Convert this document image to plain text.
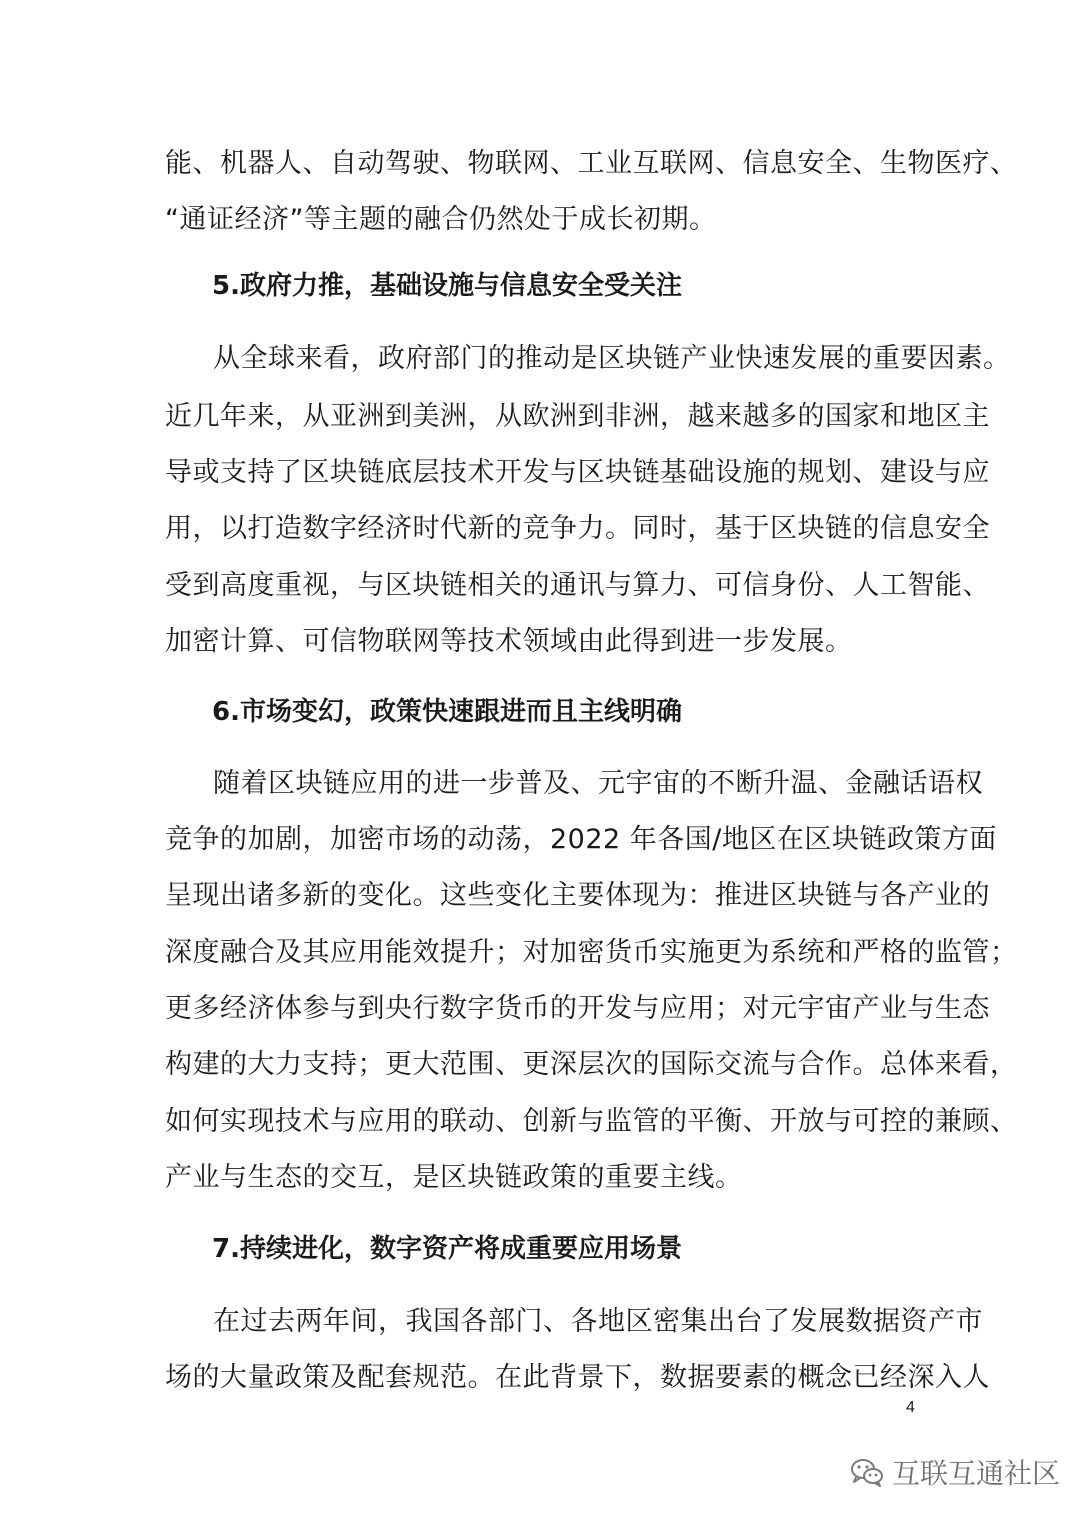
能、机器人、自动驾驶、物联网、工业互联网、信息安全、生物医疗、
“通证经济”等主题的融合仍然处于成长初期。
5.政府力推，基础设施与信息安全受关注
从全球来看，政府部门的推动是区块链产业快速发展的重要因素。
近几年来，从亚洲到美洲，从欧洲到非洲，越来越多的国家和地区主
导或支持了区块链底层技术开发与区块链基础设施的规划、建设与应
用，以打造数字经济时代新的竞争力。同时，基于区块链的信息安全
受到高度重视，与区块链相关的通讯与算力、可信身份、人工智能、
加密计算、可信物联网等技术领域由此得到进一步发展。
6.市场变幻，政策快速跟进而且主线明确
随着区块链应用的进一步普及、元宇宙的不断升温、金融话语权
竞争的加剧，加密市场的动荡，2022 年各国/地区在区块链政策方面
呈现出诸多新的变化。这些变化主要体现为：推进区块链与各产业的
深度融合及其应用能效提升；对加密货币实施更为系统和严格的监管；
更多经济体参与到央行数字货币的开发与应用；对元宇宙产业与生态
构建的大力支持；更大范围、更深层次的国际交流与合作。总体来看，
如何实现技术与应用的联动、创新与监管的平衡、开放与可控的兼顾、
产业与生态的交互，是区块链政策的重要主线。
7.持续进化，数字资产将成重要应用场景
在过去两年间，我国各部门、各地区密集出台了发展数据资产市
场的大量政策及配套规范。在此背景下，数据要素的概念已经深入人
4
互联互通社区
